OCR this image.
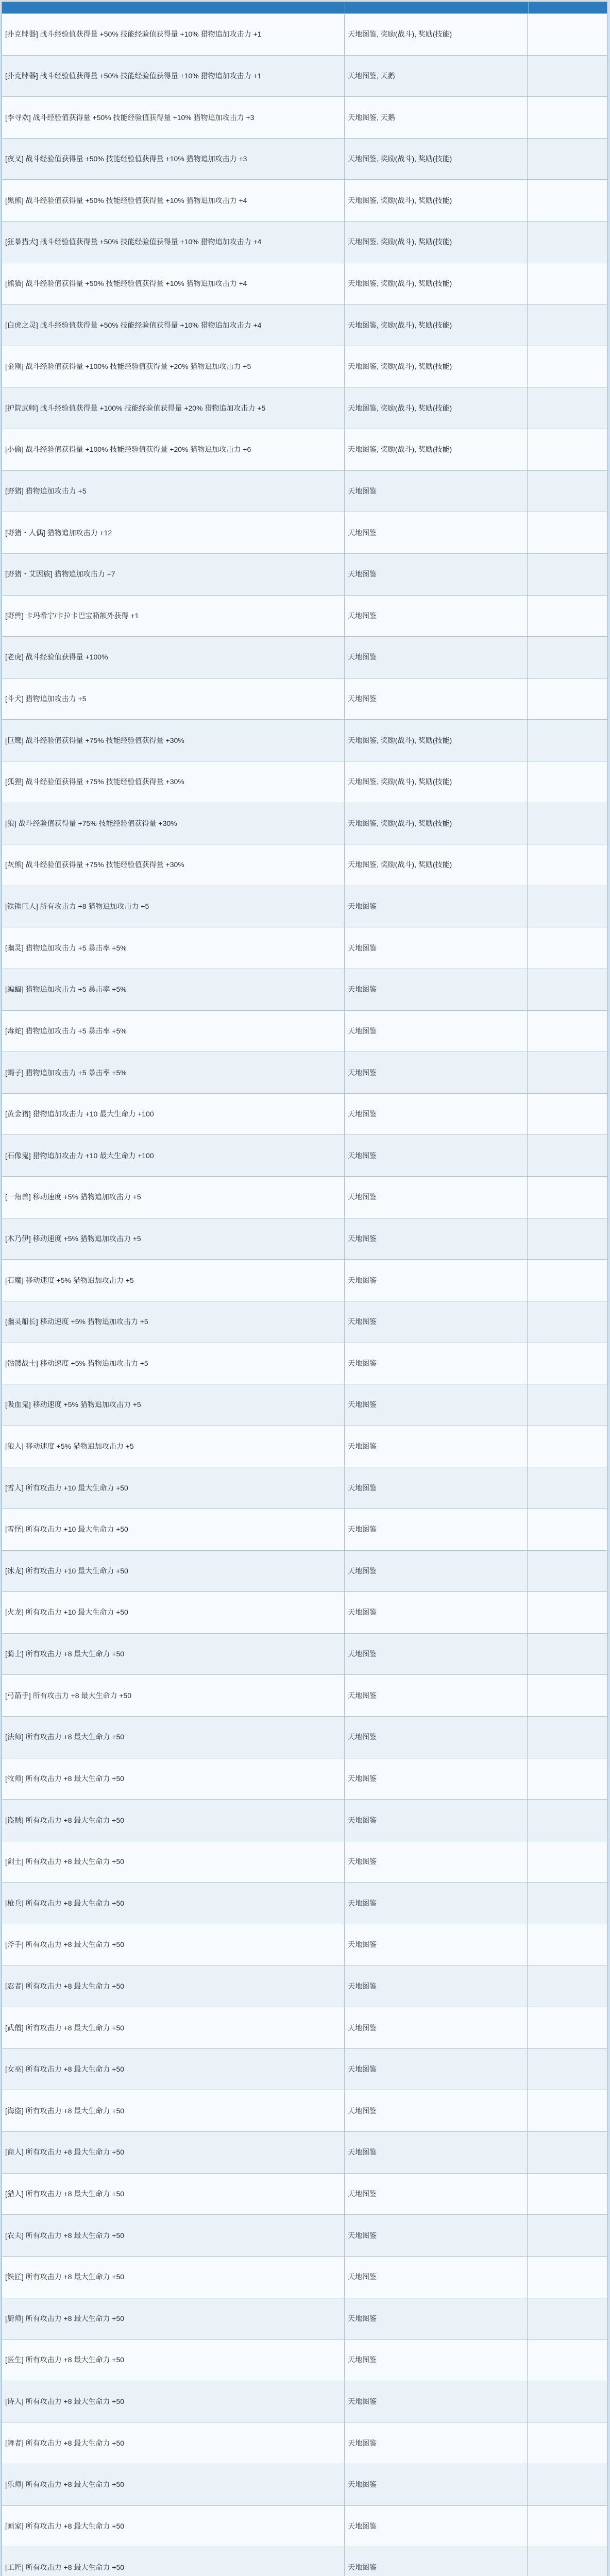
[扑克牌器] 战斗经验值获得量 +50% 技能经验值获得量 +10% 猎物追加攻击力 +1	天地图鉴, 奖励(战斗), 奖励(技能)
[扑克牌器] 战斗经验值获得量 +50% 技能经验值获得量 +10% 猎物追加攻击力 +1	天地图鉴, 天鹅
[李寻欢] 战斗经验值获得量 +50% 技能经验值获得量 +10% 猎物追加攻击力 +3	天地图鉴, 天鹅
[夜叉] 战斗经验值获得量 +50% 技能经验值获得量 +10% 猎物追加攻击力 +3	天地图鉴, 奖励(战斗), 奖励(技能)
[黑熊] 战斗经验值获得量 +50% 技能经验值获得量 +10% 猎物追加攻击力 +4	天地图鉴, 奖励(战斗), 奖励(技能)
[狂暴猎犬] 战斗经验值获得量 +50% 技能经验值获得量 +10% 猎物追加攻击力 +4	天地图鉴, 奖励(战斗), 奖励(技能)
[熊猫] 战斗经验值获得量 +50% 技能经验值获得量 +10% 猎物追加攻击力 +4	天地图鉴, 奖励(战斗), 奖励(技能)
[白虎之灵] 战斗经验值获得量 +50% 技能经验值获得量 +10% 猎物追加攻击力 +4	天地图鉴, 奖励(战斗), 奖励(技能)
[金刚] 战斗经验值获得量 +100% 技能经验值获得量 +20% 猎物追加攻击力 +5	天地图鉴, 奖励(战斗), 奖励(技能)
[护院武师] 战斗经验值获得量 +100% 技能经验值获得量 +20% 猎物追加攻击力 +5	天地图鉴, 奖励(战斗), 奖励(技能)
[小偷] 战斗经验值获得量 +100% 技能经验值获得量 +20% 猎物追加攻击力 +6	天地图鉴, 奖励(战斗), 奖励(技能)
[野猪] 猎物追加攻击力 +5	天地图鉴
[野猪・人偶] 猎物追加攻击力 +12	天地图鉴
[野猪・艾因族] 猎物追加攻击力 +7	天地图鉴
[野兽] 卡玛希宁/卡拉卡巴宝箱额外获得 +1	天地图鉴
[老虎] 战斗经验值获得量 +100%	天地图鉴
[斗犬] 猎物追加攻击力 +5	天地图鉴
[巨鹰] 战斗经验值获得量 +75% 技能经验值获得量 +30%	天地图鉴, 奖励(战斗), 奖励(技能)
[狐狸] 战斗经验值获得量 +75% 技能经验值获得量 +30%	天地图鉴, 奖励(战斗), 奖励(技能)
[狼] 战斗经验值获得量 +75% 技能经验值获得量 +30%	天地图鉴, 奖励(战斗), 奖励(技能)
[灰熊] 战斗经验值获得量 +75% 技能经验值获得量 +30%	天地图鉴, 奖励(战斗), 奖励(技能)
[铁锤巨人] 所有攻击力 +8 猎物追加攻击力 +5	天地图鉴
[幽灵] 猎物追加攻击力 +5 暴击率 +5%	天地图鉴
[蝙蝠] 猎物追加攻击力 +5 暴击率 +5%	天地图鉴
[毒蛇] 猎物追加攻击力 +5 暴击率 +5%	天地图鉴
[蝎子] 猎物追加攻击力 +5 暴击率 +5%	天地图鉴
[黄金猪] 猎物追加攻击力 +10 最大生命力 +100	天地图鉴
[石像鬼] 猎物追加攻击力 +10 最大生命力 +100	天地图鉴
[一角兽] 移动速度 +5% 猎物追加攻击力 +5	天地图鉴
[木乃伊] 移动速度 +5% 猎物追加攻击力 +5	天地图鉴
[石魔] 移动速度 +5% 猎物追加攻击力 +5	天地图鉴
[幽灵船长] 移动速度 +5% 猎物追加攻击力 +5	天地图鉴
[骷髅战士] 移动速度 +5% 猎物追加攻击力 +5	天地图鉴
[吸血鬼] 移动速度 +5% 猎物追加攻击力 +5	天地图鉴
[狼人] 移动速度 +5% 猎物追加攻击力 +5	天地图鉴
[雪人] 所有攻击力 +10 最大生命力 +50	天地图鉴
[雪怪] 所有攻击力 +10 最大生命力 +50	天地图鉴
[冰龙] 所有攻击力 +10 最大生命力 +50	天地图鉴
[火龙] 所有攻击力 +10 最大生命力 +50	天地图鉴
[骑士] 所有攻击力 +8 最大生命力 +50	天地图鉴
[弓箭手] 所有攻击力 +8 最大生命力 +50	天地图鉴
[法师] 所有攻击力 +8 最大生命力 +50	天地图鉴
[牧师] 所有攻击力 +8 最大生命力 +50	天地图鉴
[盗贼] 所有攻击力 +8 最大生命力 +50	天地图鉴
[剑士] 所有攻击力 +8 最大生命力 +50	天地图鉴
[枪兵] 所有攻击力 +8 最大生命力 +50	天地图鉴
[斧手] 所有攻击力 +8 最大生命力 +50	天地图鉴
[忍者] 所有攻击力 +8 最大生命力 +50	天地图鉴
[武僧] 所有攻击力 +8 最大生命力 +50	天地图鉴
[女巫] 所有攻击力 +8 最大生命力 +50	天地图鉴
[海盗] 所有攻击力 +8 最大生命力 +50	天地图鉴
[商人] 所有攻击力 +8 最大生命力 +50	天地图鉴
[猎人] 所有攻击力 +8 最大生命力 +50	天地图鉴
[农夫] 所有攻击力 +8 最大生命力 +50	天地图鉴
[铁匠] 所有攻击力 +8 最大生命力 +50	天地图鉴
[厨师] 所有攻击力 +8 最大生命力 +50	天地图鉴
[医生] 所有攻击力 +8 最大生命力 +50	天地图鉴
[诗人] 所有攻击力 +8 最大生命力 +50	天地图鉴
[舞者] 所有攻击力 +8 最大生命力 +50	天地图鉴
[乐师] 所有攻击力 +8 最大生命力 +50	天地图鉴
[画家] 所有攻击力 +8 最大生命力 +50	天地图鉴
[工匠] 所有攻击力 +8 最大生命力 +50	天地图鉴
